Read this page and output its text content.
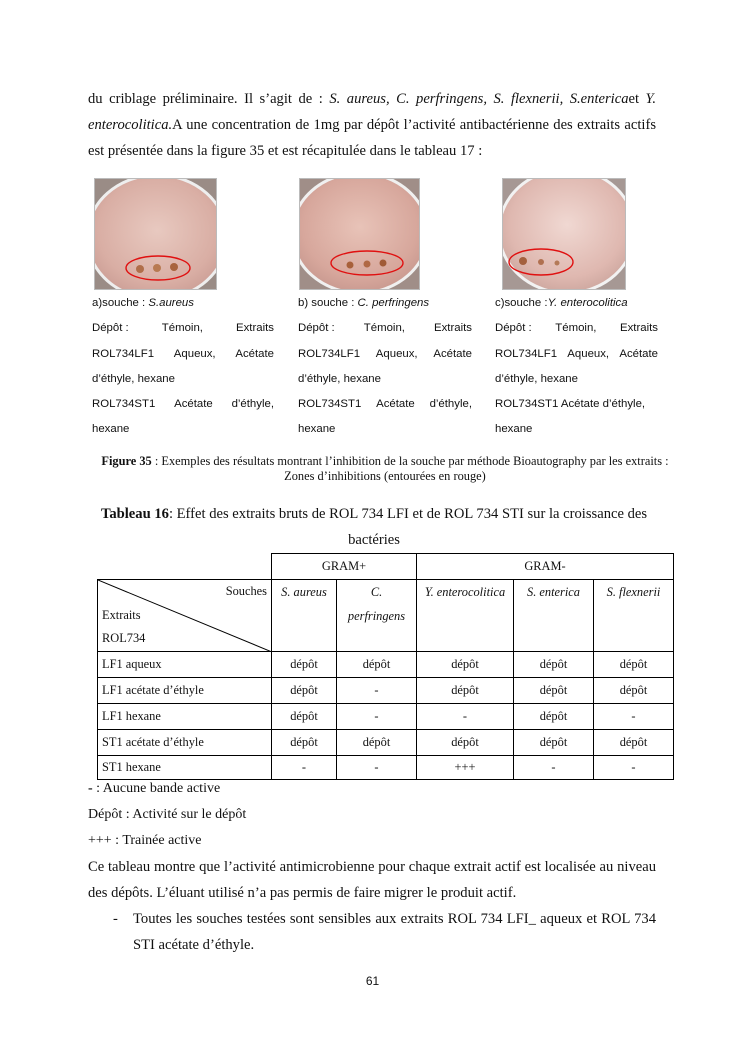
du criblage préliminaire. Il s’agit de : S. aureus, C. perfringens, S. flexnerii, S.entericaet Y. enterocolitica.A une concentration de 1mg par dépôt l’activité antibactérienne des extraits actifs est présentée dans la figure 35 et est récapitulée dans le tableau 17 :
a)souche : S.aureus
Dépôt :	Témoin,	Extraits
ROL734LF1 Aqueux, Acétate
d’éthyle, hexane
ROL734ST1 Acétate d’éthyle,
hexane
b) souche : C. perfringens
Dépôt :	Témoin,	Extraits
ROL734LF1 Aqueux, Acétate
d’éthyle, hexane
ROL734ST1 Acétate d’éthyle,
hexane
c)souche :Y. enterocolitica
Dépôt : Témoin, Extraits
ROL734LF1 Aqueux, Acétate
d’éthyle, hexane
ROL734ST1 Acétate d’éthyle,
hexane
Figure 35 : Exemples des résultats montrant l’inhibition de la souche par méthode Bioautography par les extraits : Zones d’inhibitions (entourées en rouge)
Tableau 16: Effet des extraits bruts de ROL 734 LFI et de ROL 734 STI sur la croissance des bactéries
	GRAM+		GRAM-		

Souches
Extraits
ROL734	S. aureus	C. perfringens	Y. enterocolitica	S. enterica	S. flexnerii
LF1 aqueux	dépôt	dépôt	dépôt	dépôt	dépôt
LF1 acétate d’éthyle	dépôt	-	dépôt	dépôt	dépôt
LF1 hexane	dépôt	-	-	dépôt	-
ST1 acétate d’éthyle	dépôt	dépôt	dépôt	dépôt	dépôt
ST1 hexane	-	-	+++	-	-
- : Aucune bande active
Dépôt : Activité sur le dépôt
+++ : Trainée active
Ce tableau montre que l’activité antimicrobienne pour chaque extrait actif est localisée au niveau des dépôts. L’éluant utilisé n’a pas permis de faire migrer le produit actif.
- Toutes les souches testées sont sensibles aux extraits ROL 734 LFI_ aqueux et ROL 734 STI acétate d’éthyle.
61
